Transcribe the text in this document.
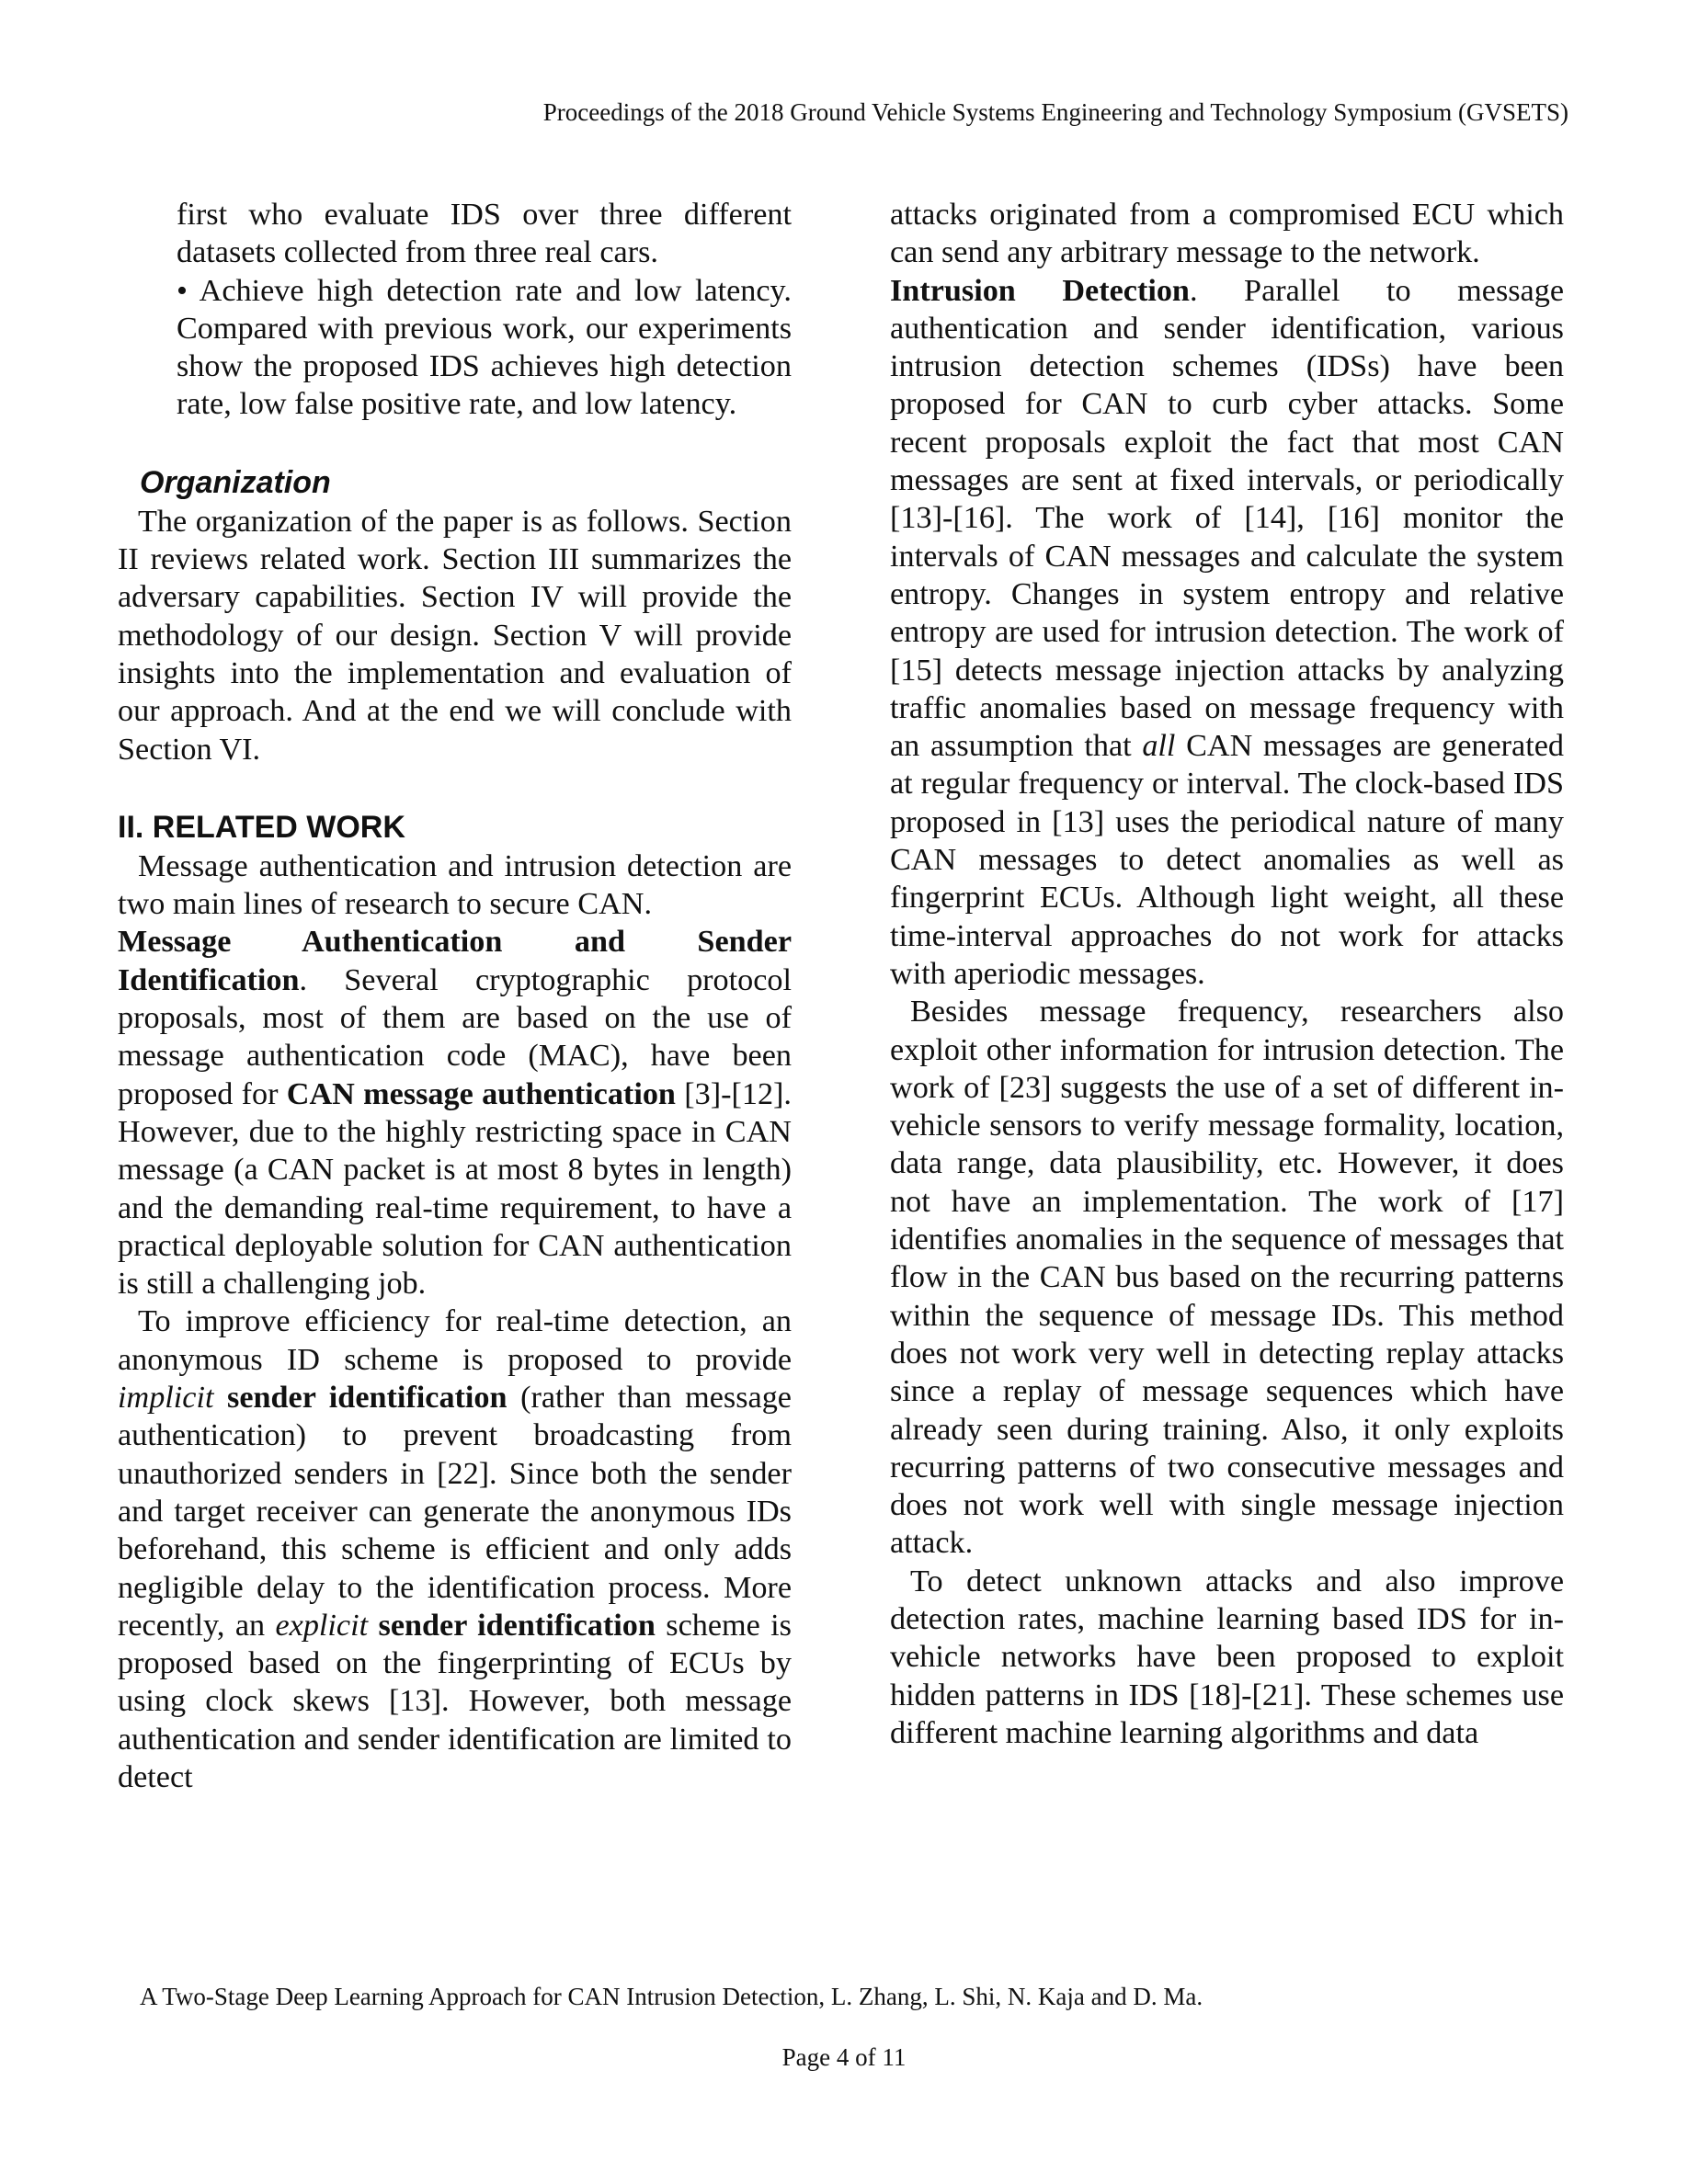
Proceedings of the 2018 Ground Vehicle Systems Engineering and Technology Symposium (GVSETS)

first who evaluate IDS over three different datasets collected from three real cars.

• Achieve high detection rate and low latency. Compared with previous work, our experiments show the proposed IDS achieves high detection rate, low false positive rate, and low latency.

Organization

The organization of the paper is as follows. Section II reviews related work. Section III summarizes the adversary capabilities. Section IV will provide the methodology of our design. Section V will provide insights into the implementation and evaluation of our approach. And at the end we will conclude with Section VI.

II. RELATED WORK

Message authentication and intrusion detection are two main lines of research to secure CAN.

Message Authentication and Sender Identification. Several cryptographic protocol proposals, most of them are based on the use of message authentication code (MAC), have been proposed for CAN message authentication [3]-[12]. However, due to the highly restricting space in CAN message (a CAN packet is at most 8 bytes in length) and the demanding real-time requirement, to have a practical deployable solution for CAN authentication is still a challenging job.

To improve efficiency for real-time detection, an anonymous ID scheme is proposed to provide implicit sender identification (rather than message authentication) to prevent broadcasting from unauthorized senders in [22]. Since both the sender and target receiver can generate the anonymous IDs beforehand, this scheme is efficient and only adds negligible delay to the identification process. More recently, an explicit sender identification scheme is proposed based on the fingerprinting of ECUs by using clock skews [13]. However, both message authentication and sender identification are limited to detect

attacks originated from a compromised ECU which can send any arbitrary message to the network.

Intrusion Detection. Parallel to message authentication and sender identification, various intrusion detection schemes (IDSs) have been proposed for CAN to curb cyber attacks. Some recent proposals exploit the fact that most CAN messages are sent at fixed intervals, or periodically [13]-[16]. The work of [14], [16] monitor the intervals of CAN messages and calculate the system entropy. Changes in system entropy and relative entropy are used for intrusion detection. The work of [15] detects message injection attacks by analyzing traffic anomalies based on message frequency with an assumption that all CAN messages are generated at regular frequency or interval. The clock-based IDS proposed in [13] uses the periodical nature of many CAN messages to detect anomalies as well as fingerprint ECUs. Although light weight, all these time-interval approaches do not work for attacks with aperiodic messages.

Besides message frequency, researchers also exploit other information for intrusion detection. The work of [23] suggests the use of a set of different in-vehicle sensors to verify message formality, location, data range, data plausibility, etc. However, it does not have an implementation. The work of [17] identifies anomalies in the sequence of messages that flow in the CAN bus based on the recurring patterns within the sequence of message IDs. This method does not work very well in detecting replay attacks since a replay of message sequences which have already seen during training. Also, it only exploits recurring patterns of two consecutive messages and does not work well with single message injection attack.

To detect unknown attacks and also improve detection rates, machine learning based IDS for in-vehicle networks have been proposed to exploit hidden patterns in IDS [18]-[21]. These schemes use different machine learning algorithms and data

A Two-Stage Deep Learning Approach for CAN Intrusion Detection, L. Zhang, L. Shi, N. Kaja and D. Ma.
Page 4 of 11
